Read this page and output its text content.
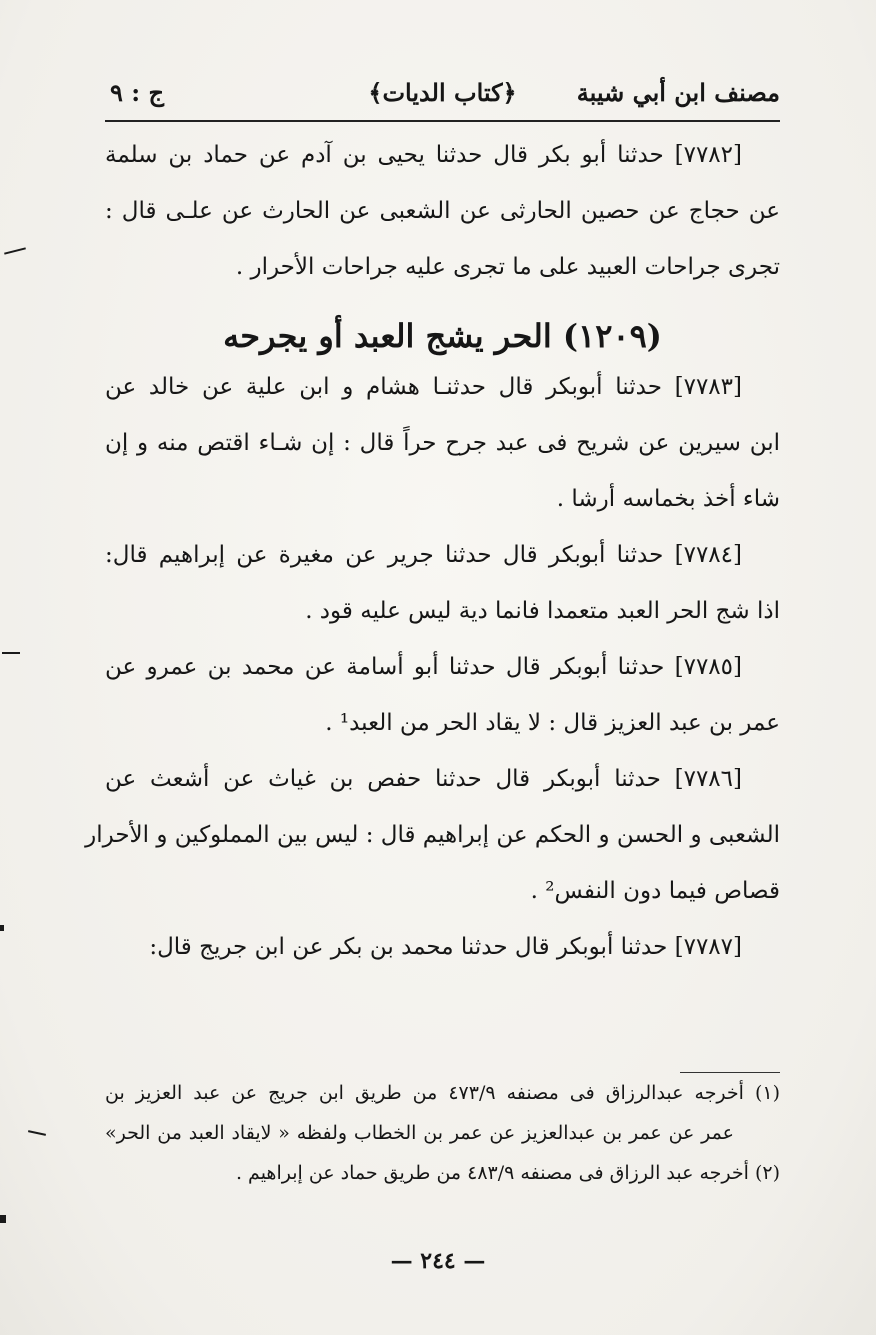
مصنف ابن أبي شيبة
﴿كتاب الديات﴾
ج : ٩
[٧٧٨٢] حدثنا أبو بكر قال حدثنا يحيى بن آدم عن حماد بن سلمة
عن حجاج عن حصين الحارثى عن الشعبى عن الحارث عن علـى قال :
تجرى جراحات العبيد على ما تجرى عليه جراحات الأحرار .
(١٢٠٩) الحر يشج العبد أو يجرحه
[٧٧٨٣] حدثنا أبوبكر قال حدثنـا هشام و ابن علية عن خالد عن
ابن سيرين عن شريح فى عبد جرح حراً قال : إن شـاء اقتص منه و إن
شاء أخذ بخماسه أرشا .
[٧٧٨٤] حدثنا أبوبكر قال حدثنا جرير عن مغيرة عن إبراهيم قال:
اذا شج الحر العبد متعمدا فانما دية ليس عليه قود .
[٧٧٨٥] حدثنا أبوبكر قال حدثنا أبو أسامة عن محمد بن عمرو عن
عمر بن عبد العزيز قال : لا يقاد الحر من العبد¹ .
[٧٧٨٦] حدثنا أبوبكر قال حدثنا حفص بن غياث عن أشعث عن
الشعبى و الحسن و الحكم عن إبراهيم قال : ليس بين المملوكين و الأحرار
قصاص فيما دون النفس² .
[٧٧٨٧] حدثنا أبوبكر قال حدثنا محمد بن بكر عن ابن جريج قال:
(١) أخرجه عبدالرزاق فى مصنفه ٤٧٣/٩ من طريق ابن جريج عن عبد العزيز بن
عمر عن عمر بن عبدالعزيز عن عمر بن الخطاب ولفظه « لايقاد العبد من الحر»
(٢) أخرجه عبد الرزاق فى مصنفه ٤٨٣/٩ من طريق حماد عن إبراهيم .
— ٢٤٤ —
